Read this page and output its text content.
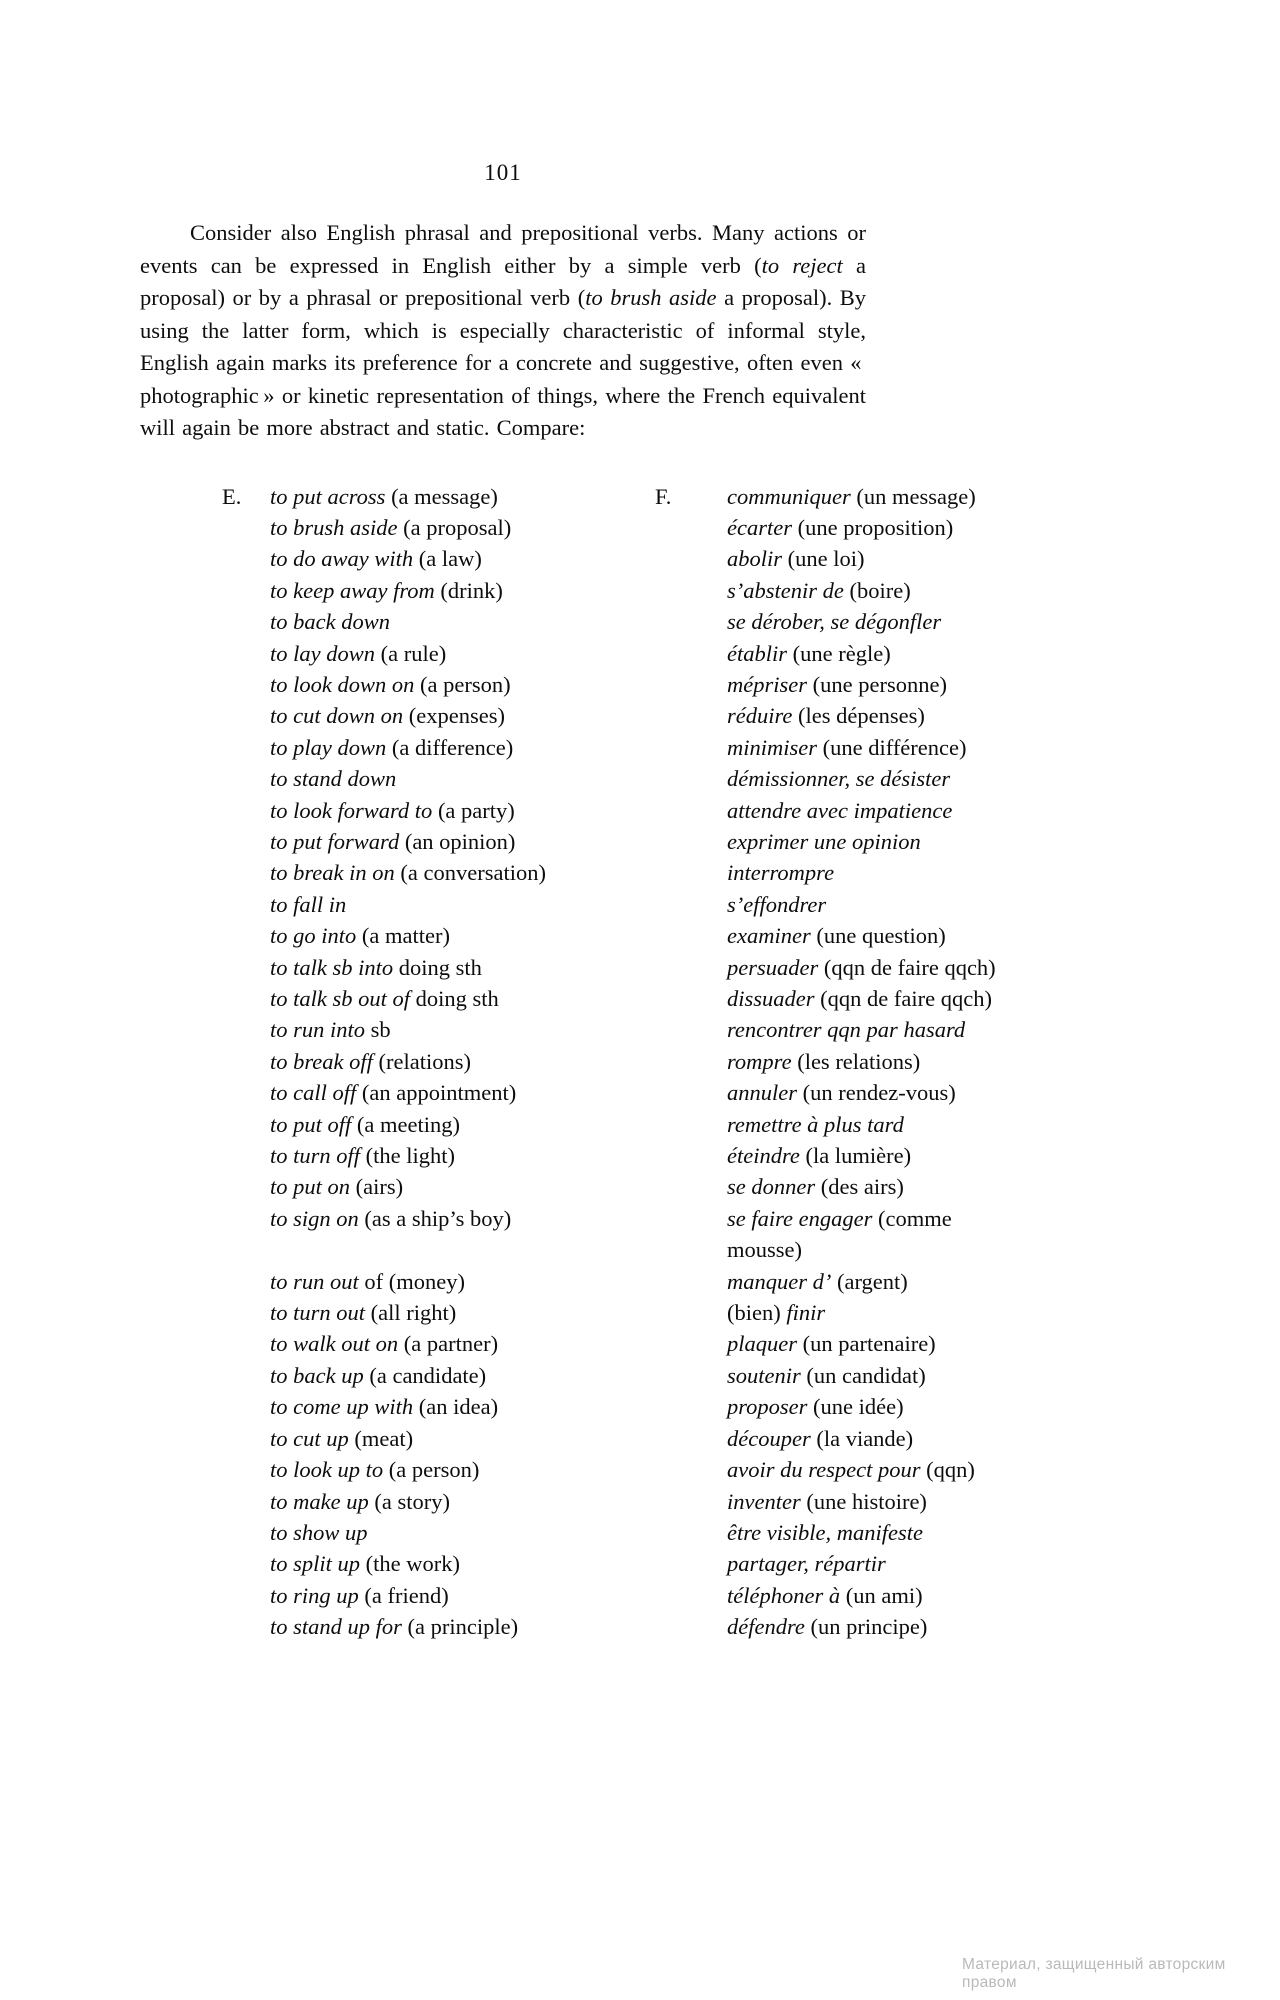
101

Consider also English phrasal and prepositional verbs. Many actions or events can be expressed in English either by a simple verb (to reject a proposal) or by a phrasal or prepositional verb (to brush aside a proposal). By using the latter form, which is especially characteristic of informal style, English again marks its preference for a concrete and suggestive, often even « photographic » or kinetic representation of things, where the French equivalent will again be more abstract and static. Compare:

E.	to put across (a message)	F.	communiquer (un message)
to brush aside (a proposal)	écarter (une proposition)
to do away with (a law)	abolir (une loi)
to keep away from (drink)	s’abstenir de (boire)
to back down	se dérober, se dégonfler
to lay down (a rule)	établir (une règle)
to look down on (a person)	mépriser (une personne)
to cut down on (expenses)	réduire (les dépenses)
to play down (a difference)	minimiser (une différence)
to stand down	démissionner, se désister
to look forward to (a party)	attendre avec impatience
to put forward (an opinion)	exprimer une opinion
to break in on (a conversation)	interrompre
to fall in	s’effondrer
to go into (a matter)	examiner (une question)
to talk sb into doing sth	persuader (qqn de faire qqch)
to talk sb out of doing sth	dissuader (qqn de faire qqch)
to run into sb	rencontrer qqn par hasard
to break off (relations)	rompre (les relations)
to call off (an appointment)	annuler (un rendez-vous)
to put off (a meeting)	remettre à plus tard
to turn off (the light)	éteindre (la lumière)
to put on (airs)	se donner (des airs)
to sign on (as a ship’s boy)	se faire engager (comme
mousse)
to run out of (money)	manquer d’ (argent)
to turn out (all right)	(bien) finir
to walk out on (a partner)	plaquer (un partenaire)
to back up (a candidate)	soutenir (un candidat)
to come up with (an idea)	proposer (une idée)
to cut up (meat)	découper (la viande)
to look up to (a person)	avoir du respect pour (qqn)
to make up (a story)	inventer (une histoire)
to show up	être visible, manifeste
to split up (the work)	partager, répartir
to ring up (a friend)	téléphoner à (un ami)
to stand up for (a principle)	défendre (un principe)
Материал, защищенный авторским правом
